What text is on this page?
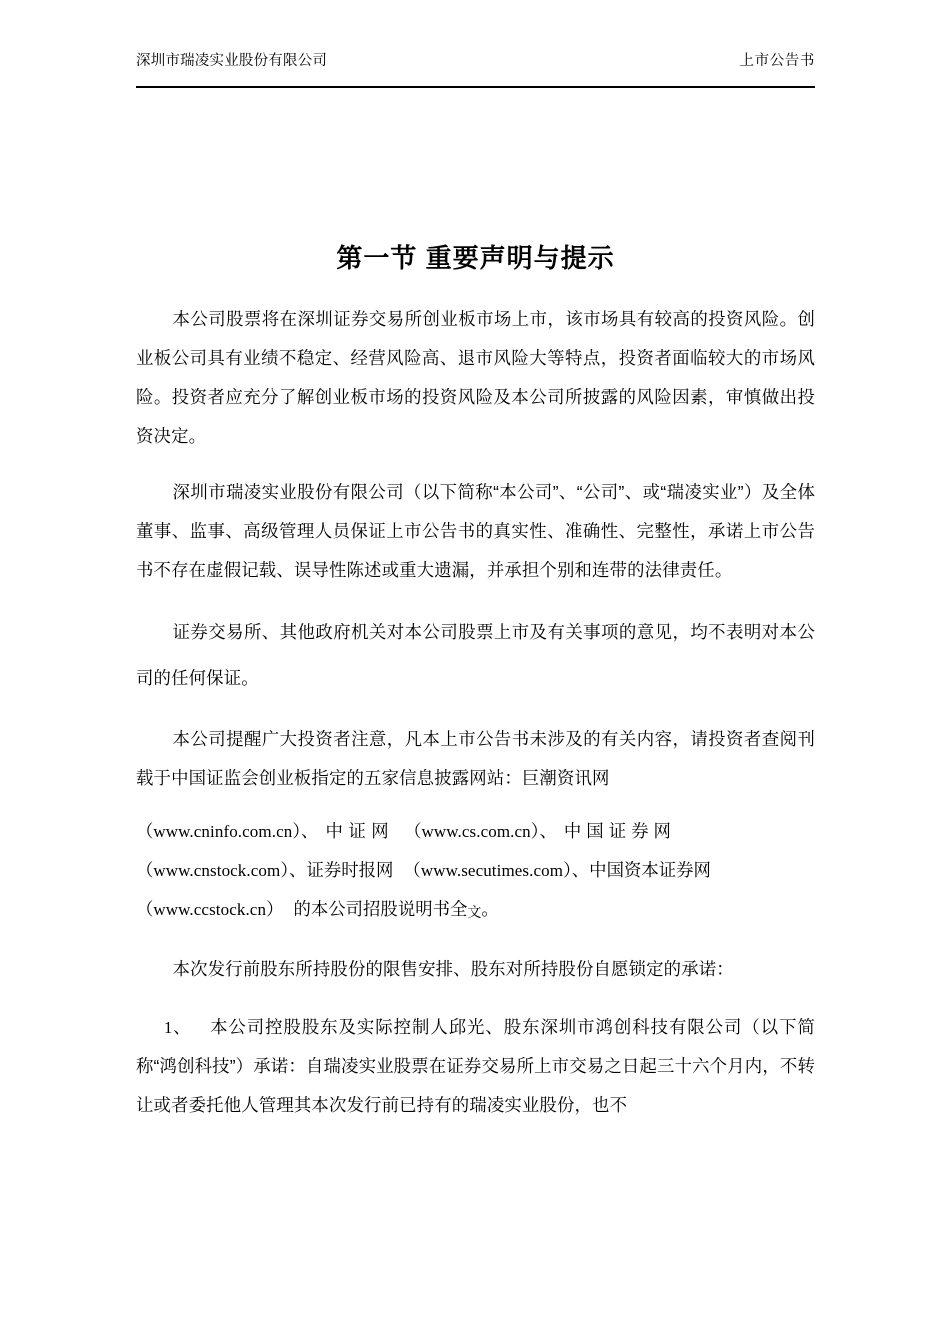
深圳市瑞凌实业股份有限公司	上市公告书
第一节 重要声明与提示

本公司股票将在深圳证券交易所创业板市场上市，该市场具有较高的投资风险。创业板公司具有业绩不稳定、经营风险高、退市风险大等特点，投资者面临较大的市场风险。投资者应充分了解创业板市场的投资风险及本公司所披露的风险因素，审慎做出投资决定。

深圳市瑞凌实业股份有限公司（以下简称“本公司”、“公司”、或“瑞凌实业”）及全体董事、监事、高级管理人员保证上市公告书的真实性、准确性、完整性，承诺上市公告书不存在虚假记载、误导性陈述或重大遗漏，并承担个别和连带的法律责任。

证券交易所、其他政府机关对本公司股票上市及有关事项的意见，均不表明对本公司的任何保证。

本公司提醒广大投资者注意，凡本上市公告书未涉及的有关内容，请投资者查阅刊载于中国证监会创业板指定的五家信息披露网站：巨潮资讯网

（www.cninfo.com.cn）、中证网 （www.cs.com.cn）、中国证券网
（www.cnstock.com）、证券时报网 （www.secutimes.com）、中国资本证券网
（www.ccstock.cn） 的本公司招股说明书全文。

本次发行前股东所持股份的限售安排、股东对所持股份自愿锁定的承诺：

1、 本公司控股股东及实际控制人邱光、股东深圳市鸿创科技有限公司（以下简称“鸿创科技”）承诺：自瑞凌实业股票在证券交易所上市交易之日起三十六个月内，不转让或者委托他人管理其本次发行前已持有的瑞凌实业股份，也不
